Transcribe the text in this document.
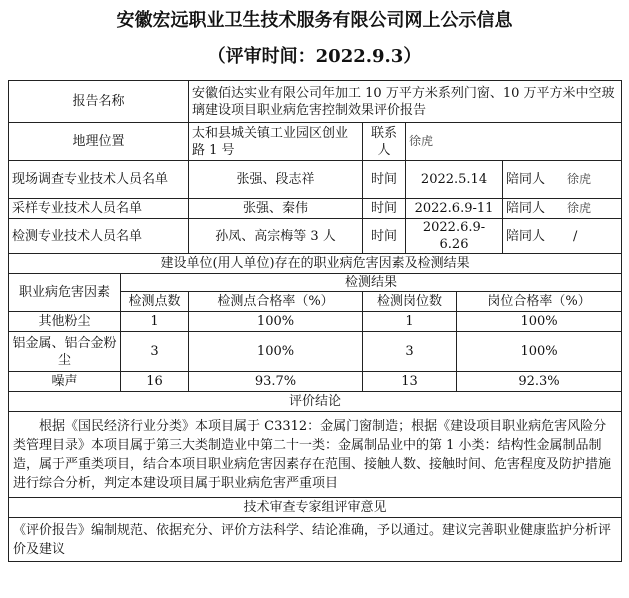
安徽宏远职业卫生技术服务有限公司网上公示信息
（评审时间：2022.9.3）
报告名称		安徽佰达实业有限公司年加工 10 万平方米系列门窗、10 万平方米中空玻璃建设项目职业病危害控制效果评价报告				
地理位置		太和县城关镇工业园区创业路 1 号	联系人	徐虎		
现场调查专业技术人员名单		张强、段志祥	时间	2022.5.14		陪同人 徐虎
采样专业技术人员名单		张强、秦伟	时间	2022.6.9-11		陪同人 徐虎
检测专业技术人员名单		孙凤、高宗梅等 3 人	时间	2022.6.9-6.26		陪同人 /
建设单位(用人单位)存在的职业病危害因素及检测结果						
职业病危害因素	检测结果					
	检测点数	检测点合格率（%）	检测岗位数		岗位合格率（%）	
其他粉尘	1	100%	1		100%	
铝金属、铝合金粉尘	3	100%	3		100%	
噪声	16	93.7%	13		92.3%	
评价结论						
根据《国民经济行业分类》本项目属于 C3312：金属门窗制造；根据《建设项目职业病危害风险分类管理目录》本项目属于第三大类制造业中第二十一类：金属制品业中的第 1 小类：结构性金属制品制造，属于严重类项目，结合本项目职业病危害因素存在范围、接触人数、接触时间、危害程度及防护措施进行综合分析，判定本建设项目属于职业病危害严重项目						
技术审查专家组评审意见						
《评价报告》编制规范、依据充分、评价方法科学、结论准确，予以通过。建议完善职业健康监护分析评价及建议						
